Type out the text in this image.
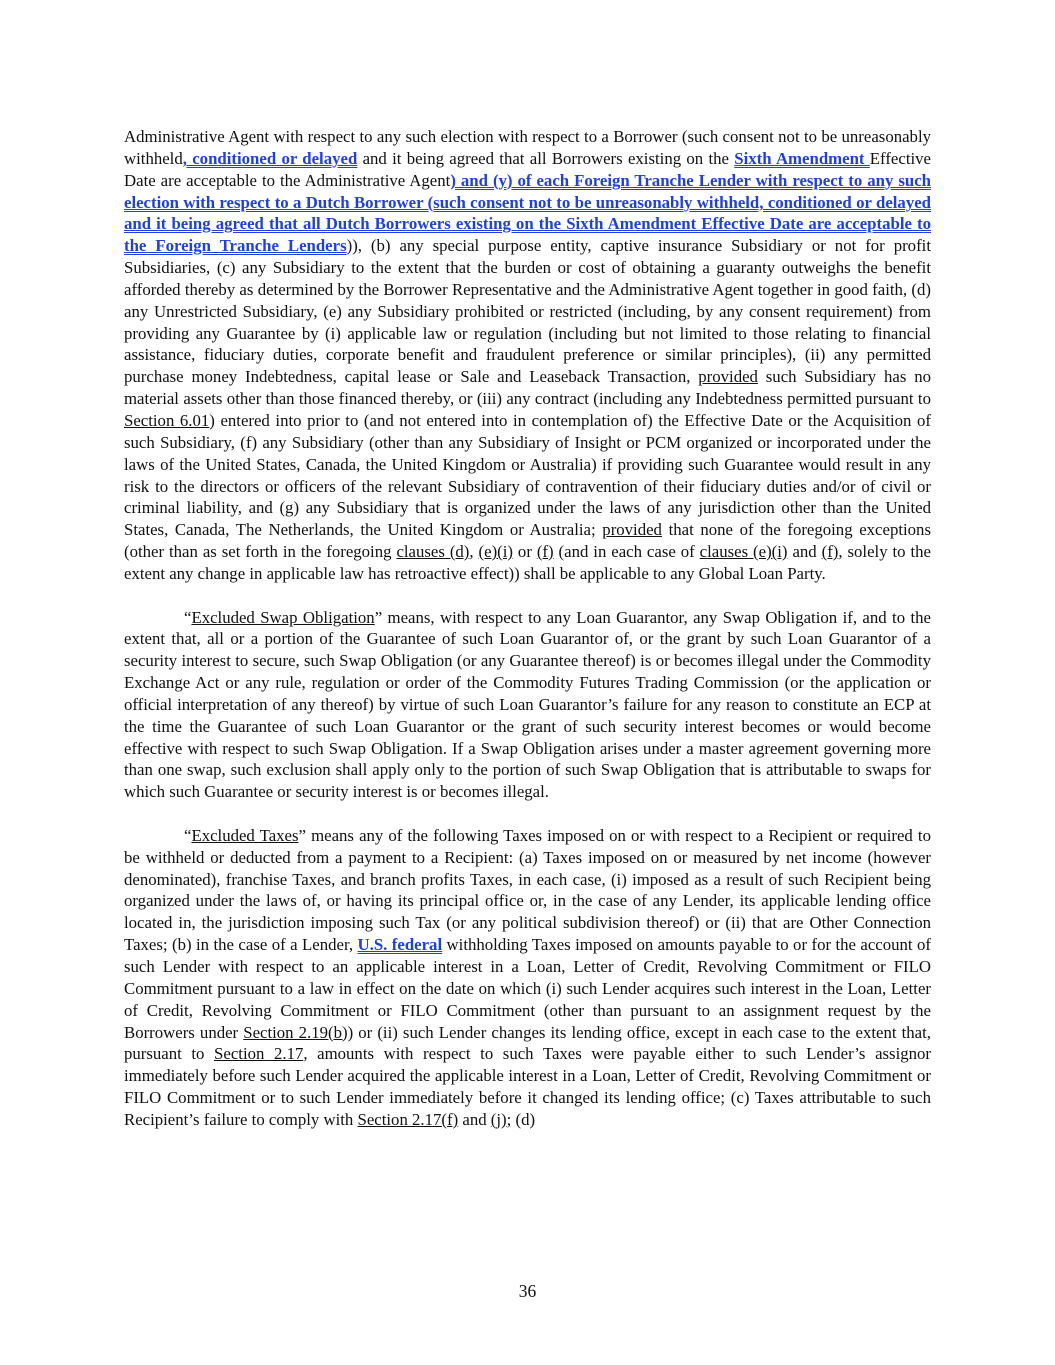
Administrative Agent with respect to any such election with respect to a Borrower (such consent not to be unreasonably withheld, conditioned or delayed and it being agreed that all Borrowers existing on the Sixth Amendment Effective Date are acceptable to the Administrative Agent) and (y) of each Foreign Tranche Lender with respect to any such election with respect to a Dutch Borrower (such consent not to be unreasonably withheld, conditioned or delayed and it being agreed that all Dutch Borrowers existing on the Sixth Amendment Effective Date are acceptable to the Foreign Tranche Lenders)), (b) any special purpose entity, captive insurance Subsidiary or not for profit Subsidiaries, (c) any Subsidiary to the extent that the burden or cost of obtaining a guaranty outweighs the benefit afforded thereby as determined by the Borrower Representative and the Administrative Agent together in good faith, (d) any Unrestricted Subsidiary, (e) any Subsidiary prohibited or restricted (including, by any consent requirement) from providing any Guarantee by (i) applicable law or regulation (including but not limited to those relating to financial assistance, fiduciary duties, corporate benefit and fraudulent preference or similar principles), (ii) any permitted purchase money Indebtedness, capital lease or Sale and Leaseback Transaction, provided such Subsidiary has no material assets other than those financed thereby, or (iii) any contract (including any Indebtedness permitted pursuant to Section 6.01) entered into prior to (and not entered into in contemplation of) the Effective Date or the Acquisition of such Subsidiary, (f) any Subsidiary (other than any Subsidiary of Insight or PCM organized or incorporated under the laws of the United States, Canada, the United Kingdom or Australia) if providing such Guarantee would result in any risk to the directors or officers of the relevant Subsidiary of contravention of their fiduciary duties and/or of civil or criminal liability, and (g) any Subsidiary that is organized under the laws of any jurisdiction other than the United States, Canada, The Netherlands, the United Kingdom or Australia; provided that none of the foregoing exceptions (other than as set forth in the foregoing clauses (d), (e)(i) or (f) (and in each case of clauses (e)(i) and (f), solely to the extent any change in applicable law has retroactive effect)) shall be applicable to any Global Loan Party.

“Excluded Swap Obligation” means, with respect to any Loan Guarantor, any Swap Obligation if, and to the extent that, all or a portion of the Guarantee of such Loan Guarantor of, or the grant by such Loan Guarantor of a security interest to secure, such Swap Obligation (or any Guarantee thereof) is or becomes illegal under the Commodity Exchange Act or any rule, regulation or order of the Commodity Futures Trading Commission (or the application or official interpretation of any thereof) by virtue of such Loan Guarantor’s failure for any reason to constitute an ECP at the time the Guarantee of such Loan Guarantor or the grant of such security interest becomes or would become effective with respect to such Swap Obligation. If a Swap Obligation arises under a master agreement governing more than one swap, such exclusion shall apply only to the portion of such Swap Obligation that is attributable to swaps for which such Guarantee or security interest is or becomes illegal.

“Excluded Taxes” means any of the following Taxes imposed on or with respect to a Recipient or required to be withheld or deducted from a payment to a Recipient: (a) Taxes imposed on or measured by net income (however denominated), franchise Taxes, and branch profits Taxes, in each case, (i) imposed as a result of such Recipient being organized under the laws of, or having its principal office or, in the case of any Lender, its applicable lending office located in, the jurisdiction imposing such Tax (or any political subdivision thereof) or (ii) that are Other Connection Taxes; (b) in the case of a Lender, U.S. federal withholding Taxes imposed on amounts payable to or for the account of such Lender with respect to an applicable interest in a Loan, Letter of Credit, Revolving Commitment or FILO Commitment pursuant to a law in effect on the date on which (i) such Lender acquires such interest in the Loan, Letter of Credit, Revolving Commitment or FILO Commitment (other than pursuant to an assignment request by the Borrowers under Section 2.19(b)) or (ii) such Lender changes its lending office, except in each case to the extent that, pursuant to Section 2.17, amounts with respect to such Taxes were payable either to such Lender’s assignor immediately before such Lender acquired the applicable interest in a Loan, Letter of Credit, Revolving Commitment or FILO Commitment or to such Lender immediately before it changed its lending office; (c) Taxes attributable to such Recipient’s failure to comply with Section 2.17(f) and (j); (d)

36
